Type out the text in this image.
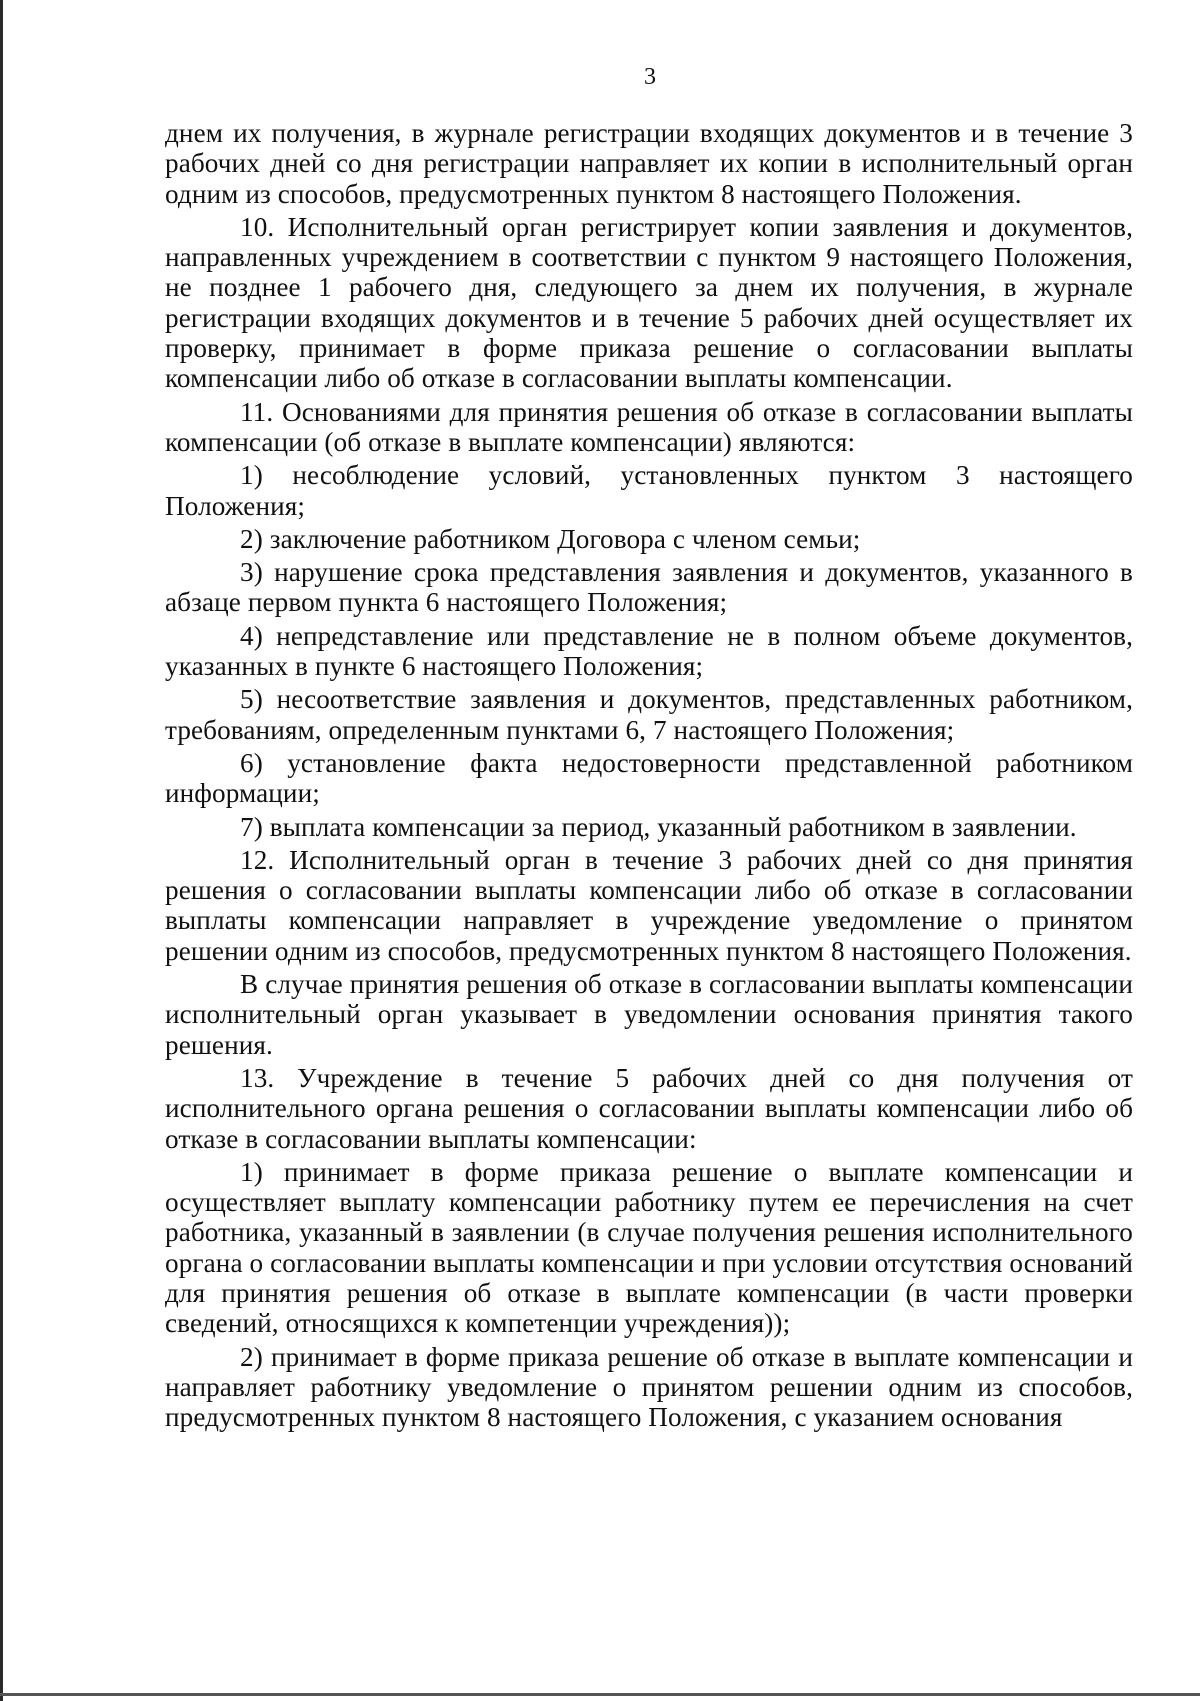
3

днем их получения, в журнале регистрации входящих документов и в течение 3 рабочих дней со дня регистрации направляет их копии в исполнительный орган одним из способов, предусмотренных пунктом 8 настоящего Положения.

10. Исполнительный орган регистрирует копии заявления и документов, направленных учреждением в соответствии с пунктом 9 настоящего Положения, не позднее 1 рабочего дня, следующего за днем их получения, в журнале регистрации входящих документов и в течение 5 рабочих дней осуществляет их проверку, принимает в форме приказа решение о согласовании выплаты компенсации либо об отказе в согласовании выплаты компенсации.

11. Основаниями для принятия решения об отказе в согласовании выплаты компенсации (об отказе в выплате компенсации) являются:

1) несоблюдение условий, установленных пунктом 3 настоящего Положения;

2) заключение работником Договора с членом семьи;

3) нарушение срока представления заявления и документов, указанного в абзаце первом пункта 6 настоящего Положения;

4) непредставление или представление не в полном объеме документов, указанных в пункте 6 настоящего Положения;

5) несоответствие заявления и документов, представленных работником, требованиям, определенным пунктами 6, 7 настоящего Положения;

6) установление факта недостоверности представленной работником информации;

7) выплата компенсации за период, указанный работником в заявлении.

12. Исполнительный орган в течение 3 рабочих дней со дня принятия решения о согласовании выплаты компенсации либо об отказе в согласовании выплаты компенсации направляет в учреждение уведомление о принятом решении одним из способов, предусмотренных пунктом 8 настоящего Положения.

В случае принятия решения об отказе в согласовании выплаты компенсации исполнительный орган указывает в уведомлении основания принятия такого решения.

13. Учреждение в течение 5 рабочих дней со дня получения от исполнительного органа решения о согласовании выплаты компенсации либо об отказе в согласовании выплаты компенсации:

1) принимает в форме приказа решение о выплате компенсации и осуществляет выплату компенсации работнику путем ее перечисления на счет работника, указанный в заявлении (в случае получения решения исполнительного органа о согласовании выплаты компенсации и при условии отсутствия оснований для принятия решения об отказе в выплате компенсации (в части проверки сведений, относящихся к компетенции учреждения));

2) принимает в форме приказа решение об отказе в выплате компенсации и направляет работнику уведомление о принятом решении одним из способов, предусмотренных пунктом 8 настоящего Положения, с указанием основания
